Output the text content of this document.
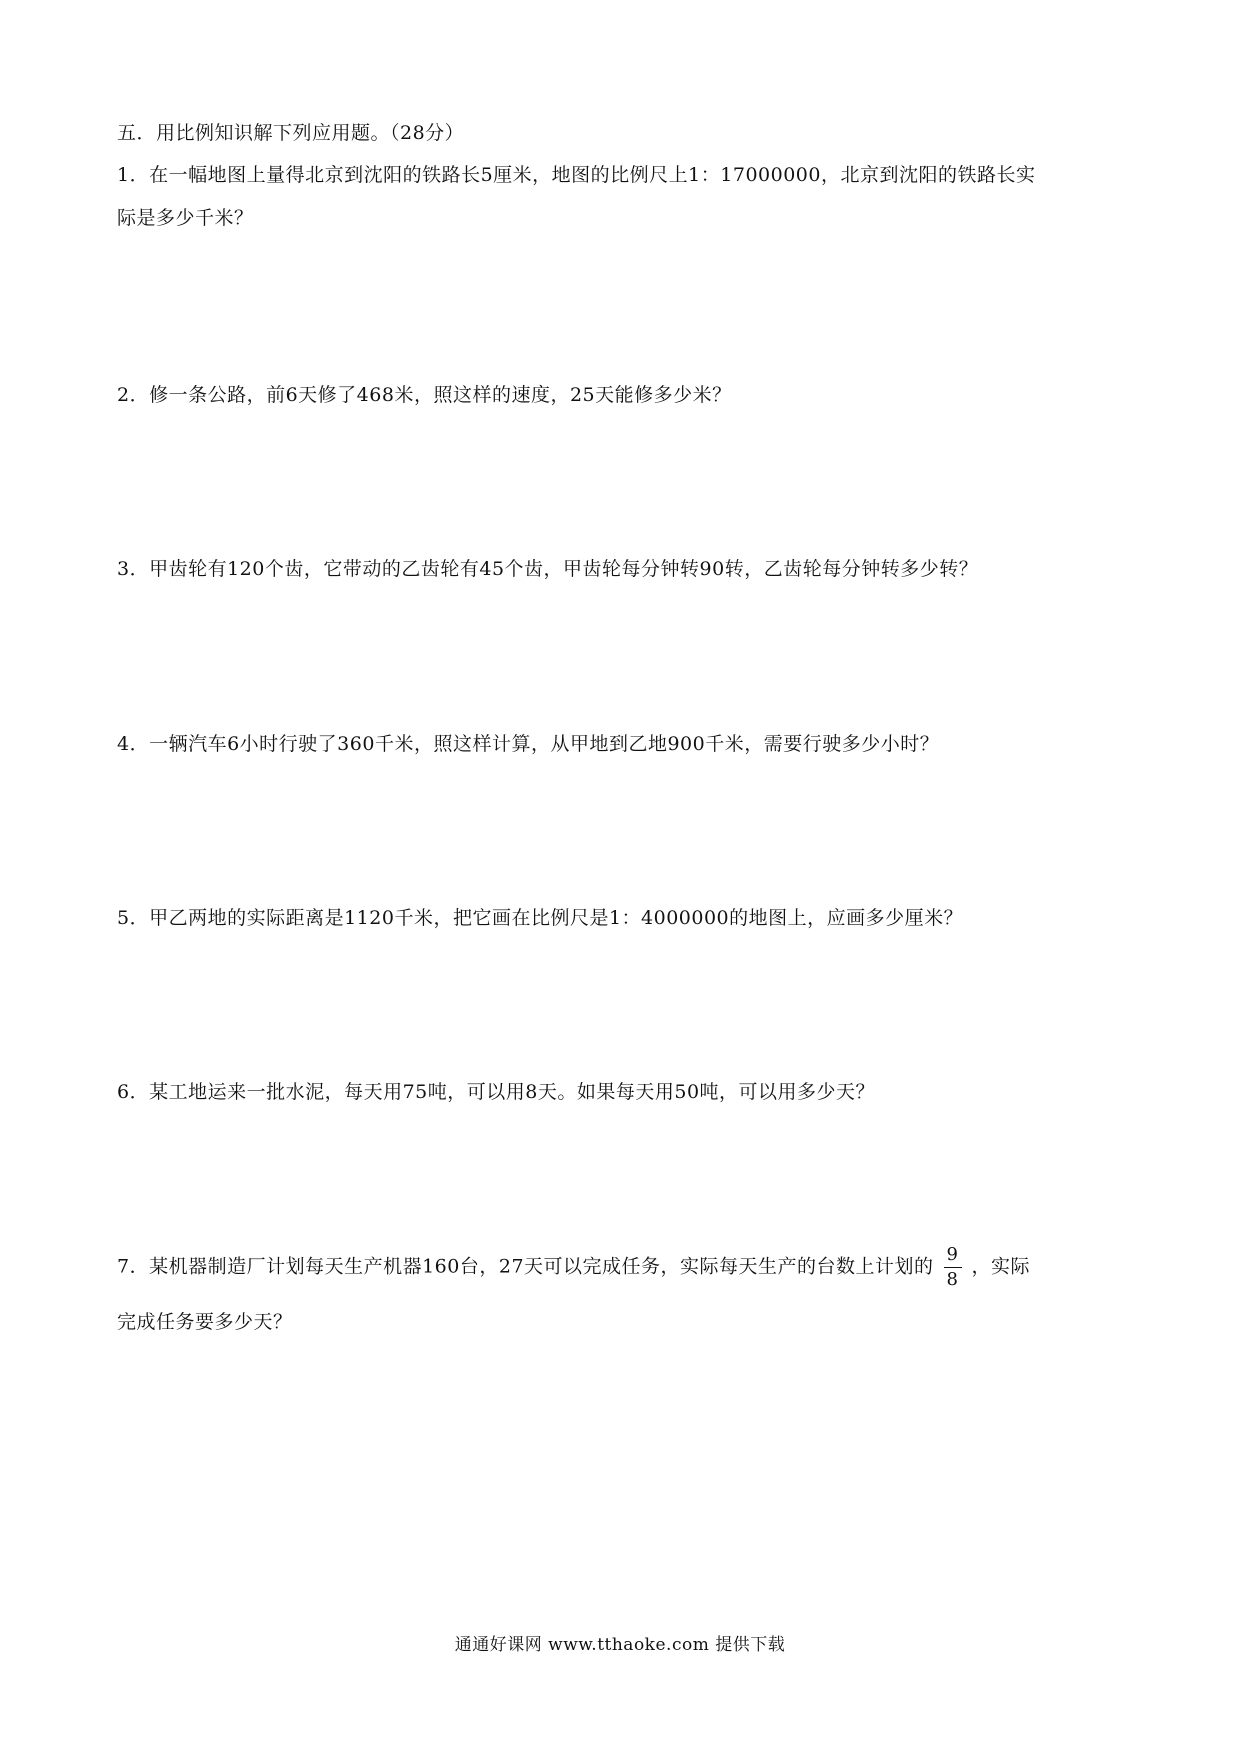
五．用比例知识解下列应用题。（28分）
1．在一幅地图上量得北京到沈阳的铁路长5厘米，地图的比例尺上1：17000000，北京到沈阳的铁路长实
际是多少千米？
2．修一条公路，前6天修了468米，照这样的速度，25天能修多少米？
3．甲齿轮有120个齿，它带动的乙齿轮有45个齿，甲齿轮每分钟转90转，乙齿轮每分钟转多少转？
4．一辆汽车6小时行驶了360千米，照这样计算，从甲地到乙地900千米，需要行驶多少小时？
5．甲乙两地的实际距离是1120千米，把它画在比例尺是1：4000000的地图上，应画多少厘米？
6．某工地运来一批水泥，每天用75吨，可以用8天。如果每天用50吨，可以用多少天？
7．某机器制造厂计划每天生产机器160台，27天可以完成任务，实际每天生产的台数上计划的 $\frac{9}{8}$ ，实际
完成任务要多少天？
通通好课网 www.tthaoke.com 提供下载
